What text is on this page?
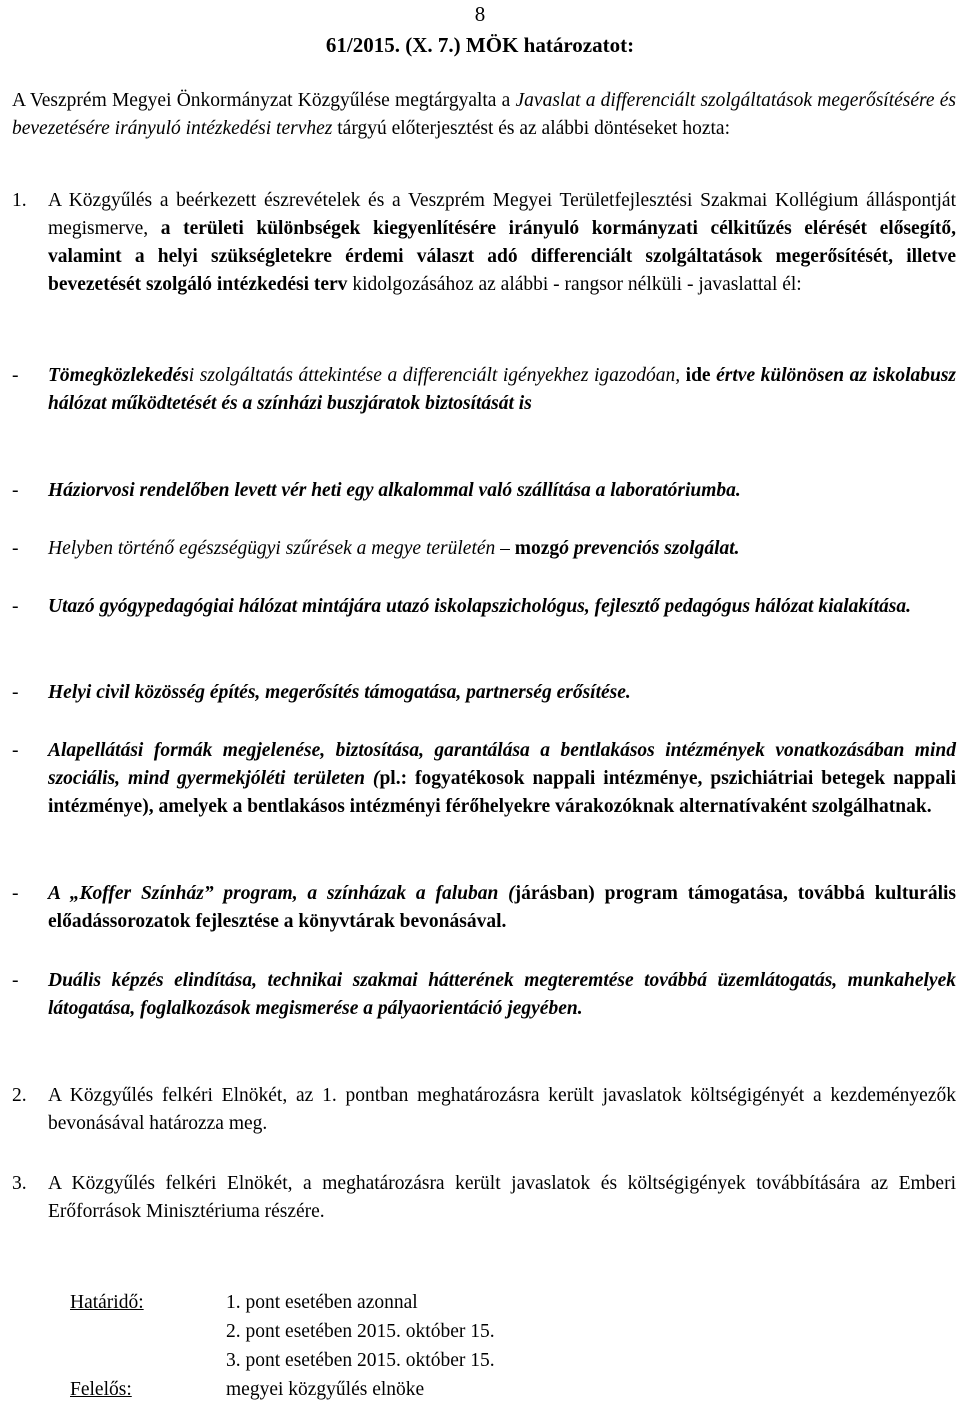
8
61/2015. (X. 7.) MÖK határozatot:
A Veszprém Megyei Önkormányzat Közgyűlése megtárgyalta a Javaslat a differenciált szolgáltatások megerősítésére és bevezetésére irányuló intézkedési tervhez tárgyú előterjesztést és az alábbi döntéseket hozta:
1.	A Közgyűlés a beérkezett észrevételek és a Veszprém Megyei Területfejlesztési Szakmai Kollégium álláspontját megismerve, a területi különbségek kiegyenlítésére irányuló kormányzati célkitűzés elérését elősegítő, valamint a helyi szükségletekre érdemi választ adó differenciált szolgáltatások megerősítését, illetve bevezetését szolgáló intézkedési terv kidolgozásához az alábbi - rangsor nélküli - javaslattal él:
-	Tömegközlekedési szolgáltatás áttekintése a differenciált igényekhez igazodóan, ide értve különösen az iskolabusz hálózat működtetését és a színházi buszjáratok biztosítását is
-	Háziorvosi rendelőben levett vér heti egy alkalommal való szállítása a laboratóriumba.
-	Helyben történő egészségügyi szűrések a megye területén – mozgó prevenciós szolgálat.
-	Utazó gyógypedagógiai hálózat mintájára utazó iskolapszichológus, fejlesztő pedagógus hálózat kialakítása.
-	Helyi civil közösség építés, megerősítés támogatása, partnerség erősítése.
-	Alapellátási formák megjelenése, biztosítása, garantálása a bentlakásos intézmények vonatkozásában mind szociális, mind gyermekjóléti területen (pl.: fogyatékosok nappali intézménye, pszichiátriai betegek nappali intézménye), amelyek a bentlakásos intézményi férőhelyekre várakozóknak alternatívaként szolgálhatnak.
-	A „Koffer Színház” program, a színházak a faluban (járásban) program támogatása, továbbá kulturális előadássorozatok fejlesztése a könyvtárak bevonásával.
-	Duális képzés elindítása, technikai szakmai hátterének megteremtése továbbá üzemlátogatás, munkahelyek látogatása, foglalkozások megismerése a pályaorientáció jegyében.
2.	A Közgyűlés felkéri Elnökét, az 1. pontban meghatározásra került javaslatok költségigényét a kezdeményezők bevonásával határozza meg.
3.	A Közgyűlés felkéri Elnökét, a meghatározásra került javaslatok és költségigények továbbítására az Emberi Erőforrások Minisztériuma részére.
Határidő:	1. pont esetében azonnal
2. pont esetében 2015. október 15.
3. pont esetében 2015. október 15.
Felelős:	megyei közgyűlés elnöke
